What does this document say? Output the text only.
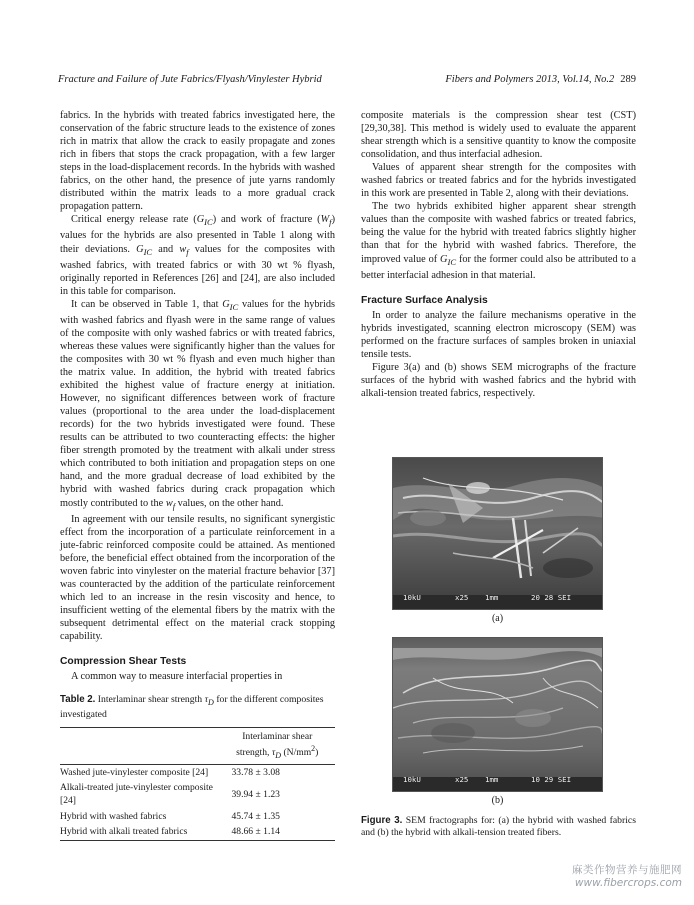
Fracture and Failure of Jute Fabrics/Flyash/Vinylester Hybrid	Fibers and Polymers 2013, Vol.14, No.2 289

fabrics. In the hybrids with treated fabrics investigated here, the conservation of the fabric structure leads to the existence of zones rich in matrix that allow the crack to easily propagate and zones rich in fibers that stops the crack propagation, with a few larger steps in the load-displacement records. In the hybrids with washed fabrics, on the other hand, the presence of jute yarns randomly distributed within the matrix leads to a more gradual crack propagation pattern.

Critical energy release rate $(G_{IC})$ and work of fracture $(W_f)$ values for the hybrids are also presented in Table 1 along with their deviations. $G_{IC}$ and $w_f$ values for the composites with washed fabrics, with treated fabrics or with 30 wt % flyash, originally reported in References [26] and [24], are also included in this table for comparison.

It can be observed in Table 1, that $G_{IC}$ values for the hybrids with washed fabrics and flyash were in the same range of values of the composite with only washed fabrics or with treated fabrics, whereas these values were significantly higher than the values for the composites with 30 wt % flyash and even much higher than the matrix value. In addition, the hybrid with treated fabrics exhibited the highest value of fracture energy at initiation. However, no significant differences between work of fracture values (proportional to the area under the load-displacement records) for the two hybrids investigated were found. These results can be attributed to two counteracting effects: the higher fiber strength promoted by the treatment with alkali under stress which contributed to both initiation and propagation steps on one hand, and the more gradual decrease of load exhibited by the hybrid with washed fabrics during crack propagation which mostly contributed to the $w_f$ values, on the other hand.

In agreement with our tensile results, no significant synergistic effect from the incorporation of a particulate reinforcement in a jute-fabric reinforced composite could be attained. As mentioned before, the beneficial effect obtained from the incorporation of the woven fabric into vinylester on the material fracture behavior [37] was counteracted by the addition of the particulate reinforcement which led to an increase in the resin viscosity and hence, to insufficient wetting of the elemental fibers by the matrix with the subsequent detrimental effect on the material crack stopping capability.

Compression Shear Tests

A common way to measure interfacial properties in

Table 2. Interlaminar shear strength $\tau_D$ for the different composites investigated
	Interlaminar shear
strength, $\tau_D$ $(N/mm^2)$
Washed jute-vinylester composite [24]	33.78 ± 3.08
Alkali-treated jute-vinylester composite [24]	39.94 ± 1.23
Hybrid with washed fabrics	45.74 ± 1.35
Hybrid with alkali treated fabrics	48.66 ± 1.14

composite materials is the compression shear test (CST) [29,30,38]. This method is widely used to evaluate the apparent shear strength which is a sensitive quantity to know the composite consolidation, and thus interfacial adhesion.

Values of apparent shear strength for the composites with washed fabrics or treated fabrics and for the hybrids investigated in this work are presented in Table 2, along with their deviations.

The two hybrids exhibited higher apparent shear strength values than the composite with washed fabrics or treated fabrics, being the value for the hybrid with treated fabrics slightly higher than that for the hybrid with washed fabrics. Therefore, the improved value of $G_{IC}$ for the former could also be attributed to a better interfacial adhesion in that material.

Fracture Surface Analysis

In order to analyze the failure mechanisms operative in the hybrids investigated, scanning electron microscopy (SEM) was performed on the fracture surfaces of samples broken in uniaxial tensile tests.

Figure 3(a) and (b) shows SEM micrographs of the fracture surfaces of the hybrid with washed fabrics and the hybrid with alkali-tension treated fabrics, respectively.

10kU	x25 1mm	20 28 SEI
(a)
10kU	x25 1mm	10 29 SEI
(b)
Figure 3. SEM fractographs for: (a) the hybrid with washed fabrics and (b) the hybrid with alkali-tension treated fibers.
麻类作物营养与施肥网
www.fibercrops.com
